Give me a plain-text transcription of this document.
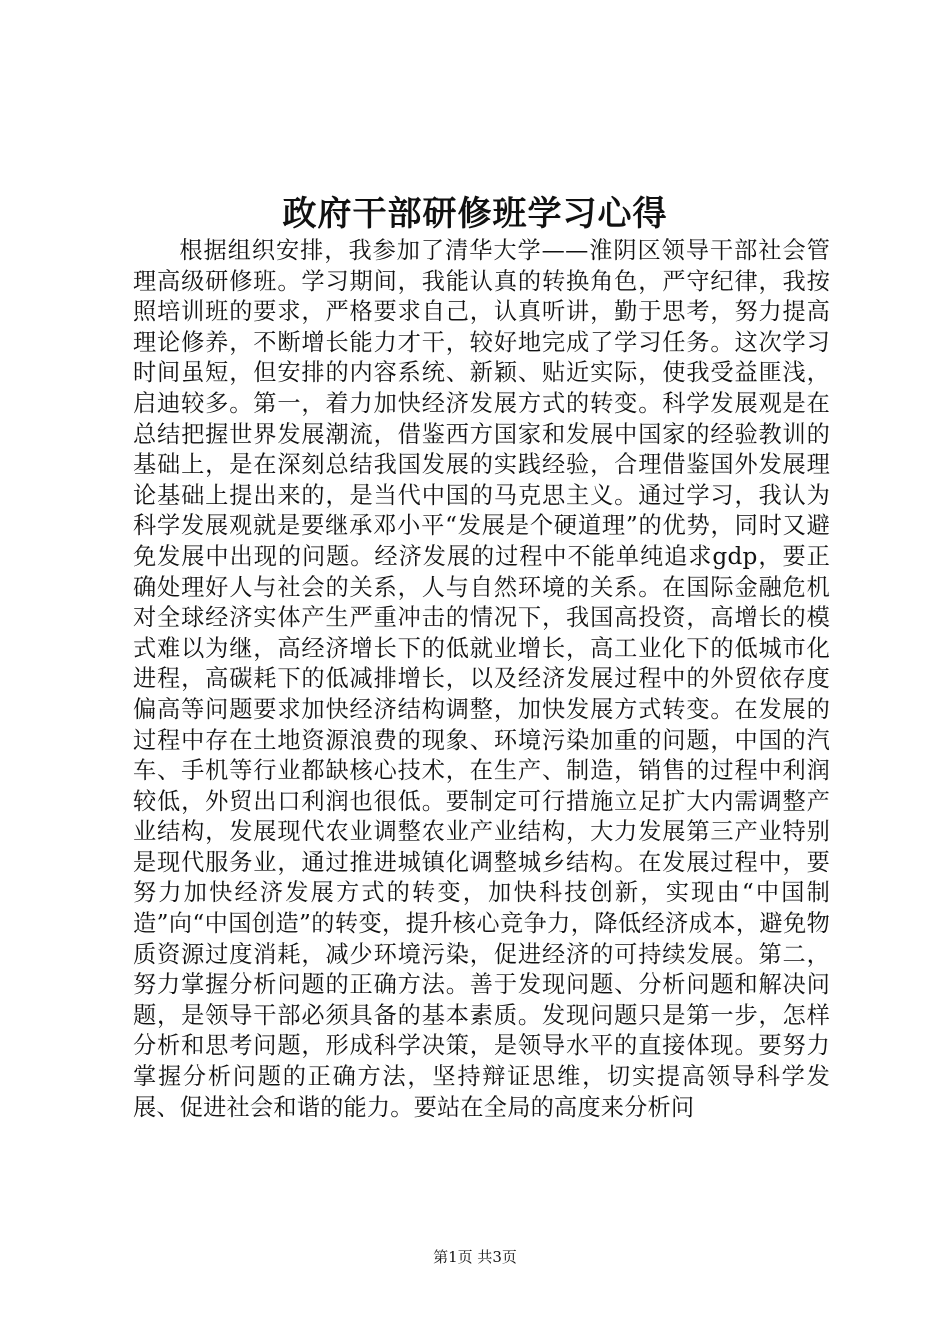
政府干部研修班学习心得

根据组织安排，我参加了清华大学——淮阴区领导干部社会管理高级研修班。学习期间，我能认真的转换角色，严守纪律，我按照培训班的要求，严格要求自己，认真听讲，勤于思考，努力提高理论修养，不断增长能力才干，较好地完成了学习任务。这次学习时间虽短，但安排的内容系统、新颖、贴近实际，使我受益匪浅，启迪较多。第一，着力加快经济发展方式的转变。科学发展观是在总结把握世界发展潮流，借鉴西方国家和发展中国家的经验教训的基础上，是在深刻总结我国发展的实践经验，合理借鉴国外发展理论基础上提出来的，是当代中国的马克思主义。通过学习，我认为科学发展观就是要继承邓小平“发展是个硬道理”的优势，同时又避免发展中出现的问题。经济发展的过程中不能单纯追求gdp，要正确处理好人与社会的关系，人与自然环境的关系。在国际金融危机对全球经济实体产生严重冲击的情况下，我国高投资，高增长的模式难以为继，高经济增长下的低就业增长，高工业化下的低城市化进程，高碳耗下的低减排增长，以及经济发展过程中的外贸依存度偏高等问题要求加快经济结构调整，加快发展方式转变。在发展的过程中存在土地资源浪费的现象、环境污染加重的问题，中国的汽车、手机等行业都缺核心技术，在生产、制造，销售的过程中利润较低，外贸出口利润也很低。要制定可行措施立足扩大内需调整产业结构，发展现代农业调整农业产业结构，大力发展第三产业特别是现代服务业，通过推进城镇化调整城乡结构。在发展过程中，要努力加快经济发展方式的转变，加快科技创新，实现由“中国制造”向“中国创造”的转变，提升核心竞争力，降低经济成本，避免物质资源过度消耗，减少环境污染，促进经济的可持续发展。第二，努力掌握分析问题的正确方法。善于发现问题、分析问题和解决问题，是领导干部必须具备的基本素质。发现问题只是第一步，怎样分析和思考问题，形成科学决策，是领导水平的直接体现。要努力掌握分析问题的正确方法，坚持辩证思维，切实提高领导科学发展、促进社会和谐的能力。要站在全局的高度来分析问

第1页 共3页
